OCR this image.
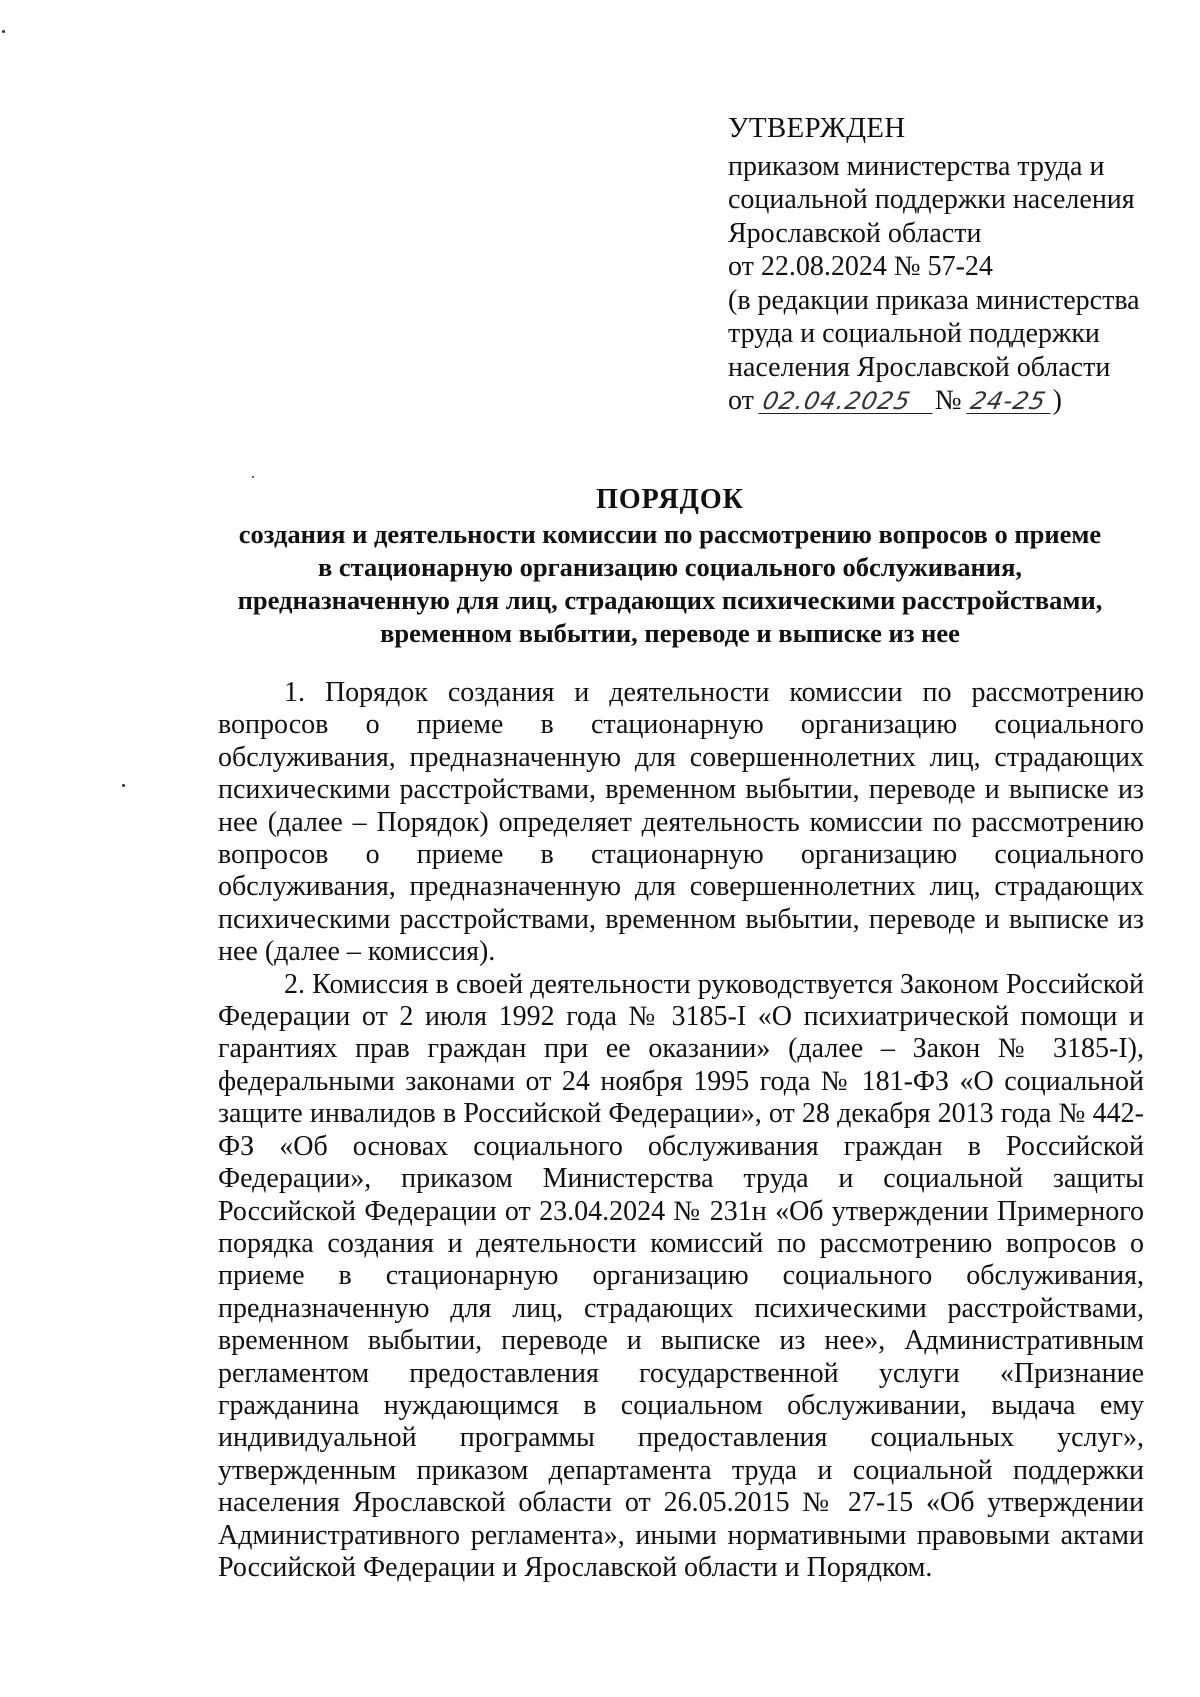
УТВЕРЖДЕН
приказом министерства труда и
социальной поддержки населения
Ярославской области
от 22.08.2024 № 57-24
(в редакции приказа министерства
труда и социальной поддержки
населения Ярославской области
от 02.04.2025 № 24-25 )
ПОРЯДОК
создания и деятельности комиссии по рассмотрению вопросов о приеме
в стационарную организацию социального обслуживания,
предназначенную для лиц, страдающих психическими расстройствами,
временном выбытии, переводе и выписке из нее

1. Порядок создания и деятельности комиссии по рассмотрению вопросов о приеме в стационарную организацию социального обслуживания, предназначенную для совершеннолетних лиц, страдающих психическими расстройствами, временном выбытии, переводе и выписке из нее (далее – Порядок) определяет деятельность комиссии по рассмотрению вопросов о приеме в стационарную организацию социального обслуживания, предназначенную для совершеннолетних лиц, страдающих психическими расстройствами, временном выбытии, переводе и выписке из нее (далее – комиссия).

2. Комиссия в своей деятельности руководствуется Законом Российской Федерации от 2 июля 1992 года № 3185-I «О психиатрической помощи и гарантиях прав граждан при ее оказании» (далее – Закон № 3185-I), федеральными законами от 24 ноября 1995 года № 181-ФЗ «О социальной защите инвалидов в Российской Федерации», от 28 декабря 2013 года № 442-ФЗ «Об основах социального обслуживания граждан в Российской Федерации», приказом Министерства труда и социальной защиты Российской Федерации от 23.04.2024 № 231н «Об утверждении Примерного порядка создания и деятельности комиссий по рассмотрению вопросов о приеме в стационарную организацию социального обслуживания, предназначенную для лиц, страдающих психическими расстройствами, временном выбытии, переводе и выписке из нее», Административным регламентом предоставления государственной услуги «Признание гражданина нуждающимся в социальном обслуживании, выдача ему индивидуальной программы предоставления социальных услуг», утвержденным приказом департамента труда и социальной поддержки населения Ярославской области от 26.05.2015 № 27-15 «Об утверждении Административного регламента», иными нормативными правовыми актами Российской Федерации и Ярославской области и Порядком.
